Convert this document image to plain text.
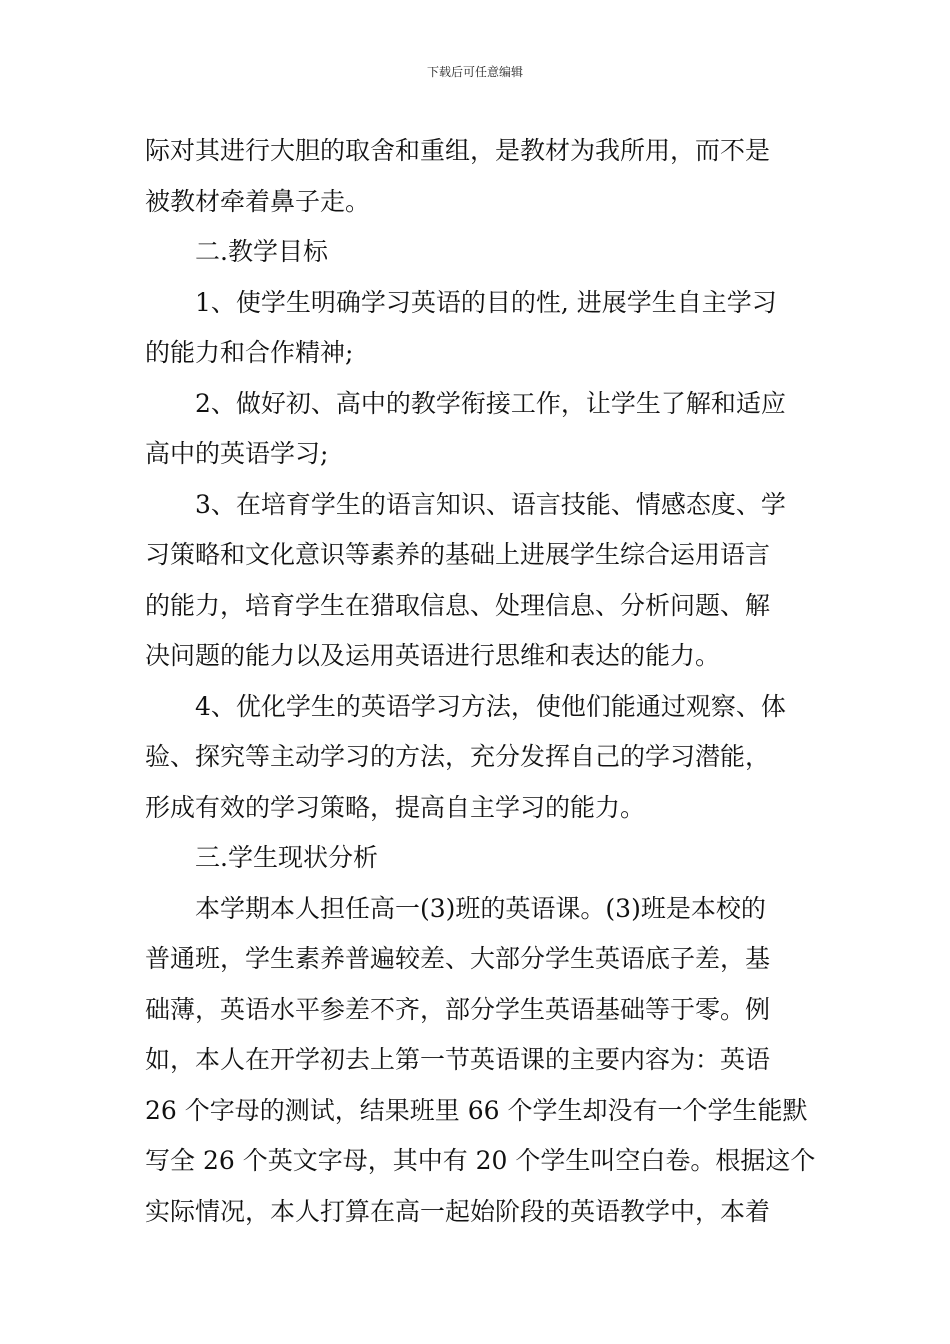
下载后可任意编辑
际对其进行大胆的取舍和重组，是教材为我所用，而不是
被教材牵着鼻子走。
二.教学目标
1、使学生明确学习英语的目的性, 进展学生自主学习
的能力和合作精神;
2、做好初、高中的教学衔接工作，让学生了解和适应
高中的英语学习;
3、在培育学生的语言知识、语言技能、情感态度、学
习策略和文化意识等素养的基础上进展学生综合运用语言
的能力，培育学生在猎取信息、处理信息、分析问题、解
决问题的能力以及运用英语进行思维和表达的能力。
4、优化学生的英语学习方法，使他们能通过观察、体
验、探究等主动学习的方法，充分发挥自己的学习潜能，
形成有效的学习策略，提高自主学习的能力。
三.学生现状分析
本学期本人担任高一(3)班的英语课。(3)班是本校的
普通班，学生素养普遍较差、大部分学生英语底子差，基
础薄，英语水平参差不齐，部分学生英语基础等于零。例
如，本人在开学初去上第一节英语课的主要内容为：英语
26 个字母的测试，结果班里 66 个学生却没有一个学生能默
写全 26 个英文字母，其中有 20 个学生叫空白卷。根据这个
实际情况，本人打算在高一起始阶段的英语教学中，本着
